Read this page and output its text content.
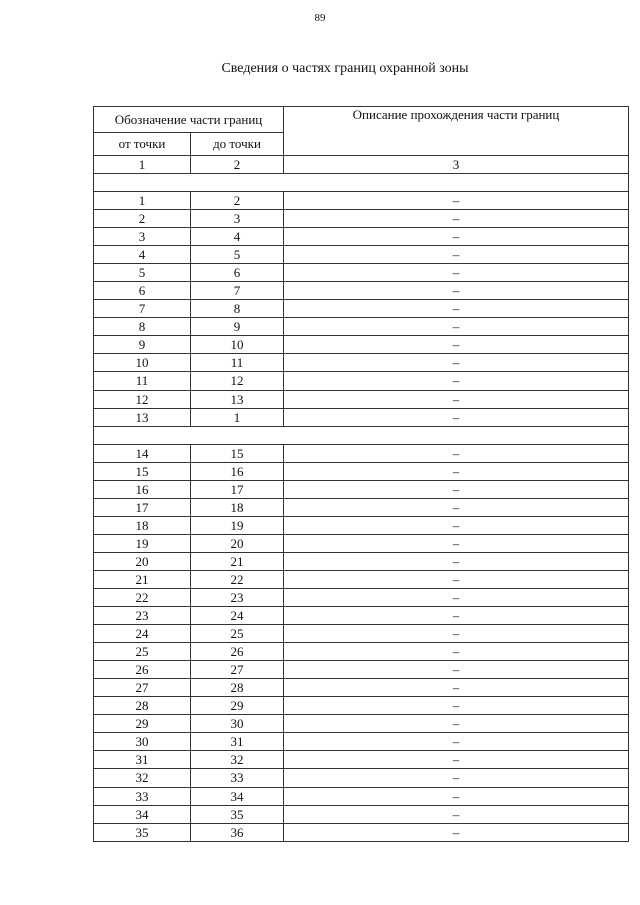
89
Сведения о частях границ охранной зоны
Обозначение части границ		Описание прохождения части границ
от точки	до точки	
1	2	3

1	2	–
2	3	–
3	4	–
4	5	–
5	6	–
6	7	–
7	8	–
8	9	–
9	10	–
10	11	–
11	12	–
12	13	–
13	1	–

14	15	–
15	16	–
16	17	–
17	18	–
18	19	–
19	20	–
20	21	–
21	22	–
22	23	–
23	24	–
24	25	–
25	26	–
26	27	–
27	28	–
28	29	–
29	30	–
30	31	–
31	32	–
32	33	–
33	34	–
34	35	–
35	36	–
